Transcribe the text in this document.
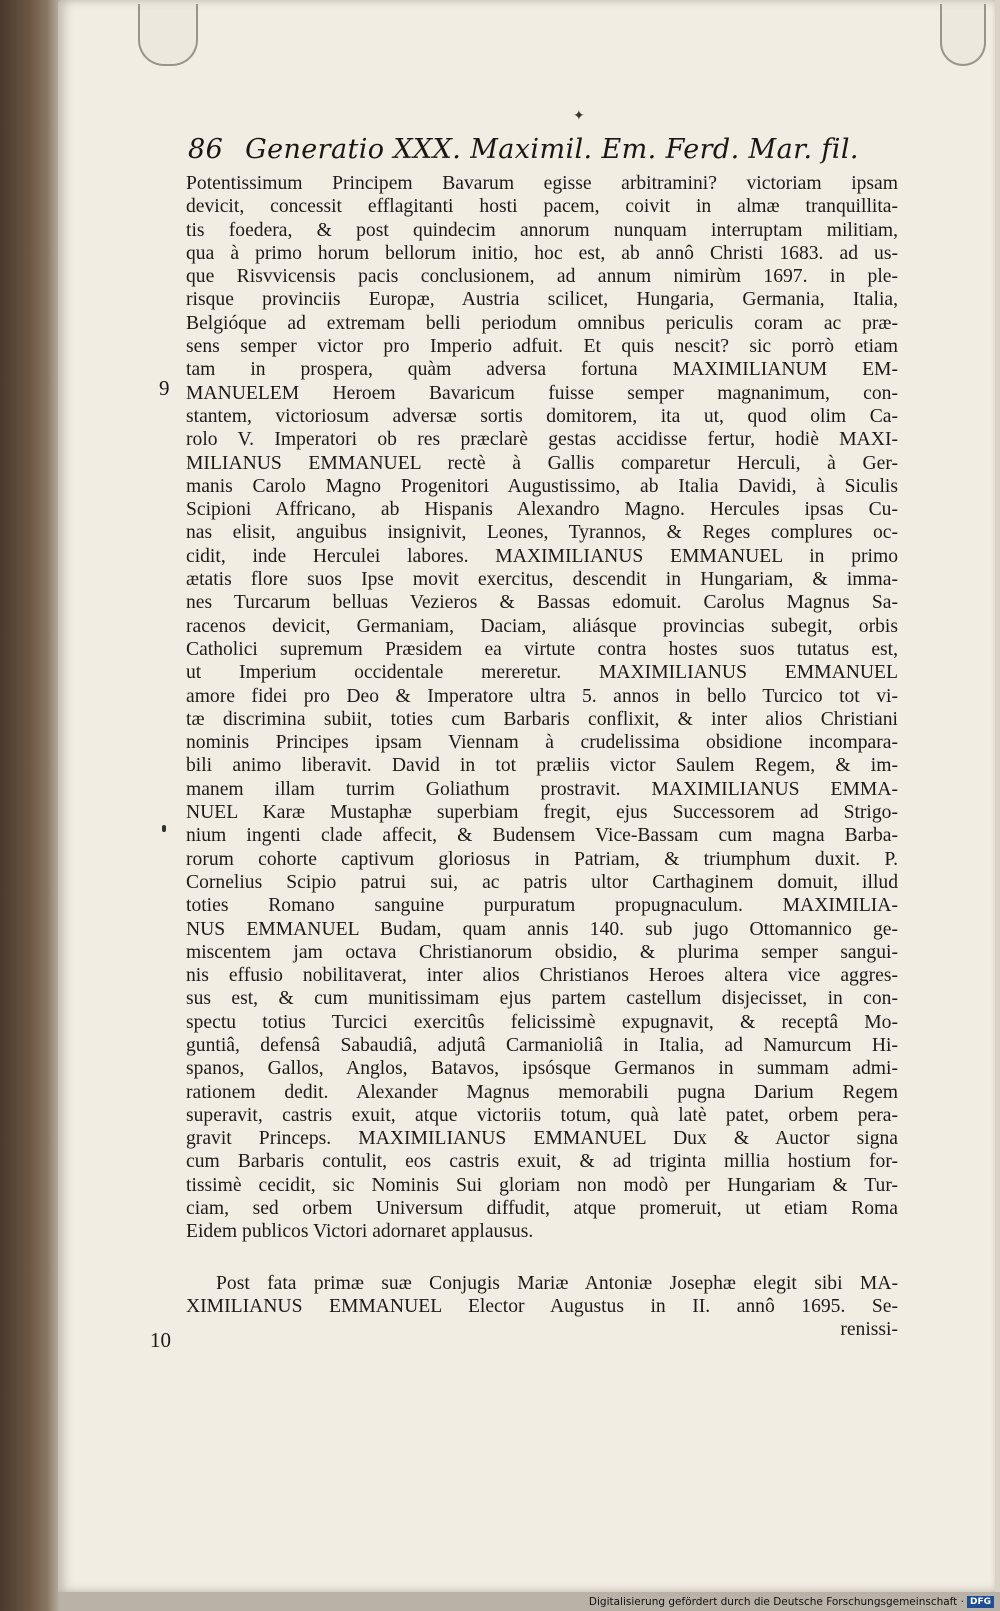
✦
86 Generatio XXX. Maximil. Em. Ferd. Mar. fil.
9
10
Potentissimum Principem Bavarum egisse arbitramini? victoriam ipsam
devicit, concessit efflagitanti hosti pacem, coivit in almæ tranquillita-
tis foedera, & post quindecim annorum nunquam interruptam militiam,
qua à primo horum bellorum initio, hoc est, ab annô Christi 1683. ad us-
que Risvvicensis pacis conclusionem, ad annum nimirùm 1697. in ple-
risque provinciis Europæ, Austria scilicet, Hungaria, Germania, Italia,
Belgióque ad extremam belli periodum omnibus periculis coram ac præ-
sens semper victor pro Imperio adfuit. Et quis nescit? sic porrò etiam
tam in prospera, quàm adversa fortuna MAXIMILIANUM EM-
MANUELEM Heroem Bavaricum fuisse semper magnanimum, con-
stantem, victoriosum adversæ sortis domitorem, ita ut, quod olim Ca-
rolo V. Imperatori ob res præclarè gestas accidisse fertur, hodiè MAXI-
MILIANUS EMMANUEL rectè à Gallis comparetur Herculi, à Ger-
manis Carolo Magno Progenitori Augustissimo, ab Italia Davidi, à Siculis
Scipioni Affricano, ab Hispanis Alexandro Magno. Hercules ipsas Cu-
nas elisit, anguibus insignivit, Leones, Tyrannos, & Reges complures oc-
cidit, inde Herculei labores. MAXIMILIANUS EMMANUEL in primo
ætatis flore suos Ipse movit exercitus, descendit in Hungariam, & imma-
nes Turcarum belluas Vezieros & Bassas edomuit. Carolus Magnus Sa-
racenos devicit, Germaniam, Daciam, aliásque provincias subegit, orbis
Catholici supremum Præsidem ea virtute contra hostes suos tutatus est,
ut Imperium occidentale mereretur. MAXIMILIANUS EMMANUEL
amore fidei pro Deo & Imperatore ultra 5. annos in bello Turcico tot vi-
tæ discrimina subiit, toties cum Barbaris conflixit, & inter alios Christiani
nominis Principes ipsam Viennam à crudelissima obsidione incompara-
bili animo liberavit. David in tot præliis victor Saulem Regem, & im-
manem illam turrim Goliathum prostravit. MAXIMILIANUS EMMA-
NUEL Karæ Mustaphæ superbiam fregit, ejus Successorem ad Strigo-
nium ingenti clade affecit, & Budensem Vice-Bassam cum magna Barba-
rorum cohorte captivum gloriosus in Patriam, & triumphum duxit. P.
Cornelius Scipio patrui sui, ac patris ultor Carthaginem domuit, illud
toties Romano sanguine purpuratum propugnaculum. MAXIMILIA-
NUS EMMANUEL Budam, quam annis 140. sub jugo Ottomannico ge-
miscentem jam octava Christianorum obsidio, & plurima semper sangui-
nis effusio nobilitaverat, inter alios Christianos Heroes altera vice aggres-
sus est, & cum munitissimam ejus partem castellum disjecisset, in con-
spectu totius Turcici exercitûs felicissimè expugnavit, & receptâ Mo-
guntiâ, defensâ Sabaudiâ, adjutâ Carmanioliâ in Italia, ad Namurcum Hi-
spanos, Gallos, Anglos, Batavos, ipsósque Germanos in summam admi-
rationem dedit. Alexander Magnus memorabili pugna Darium Regem
superavit, castris exuit, atque victoriis totum, quà latè patet, orbem pera-
gravit Princeps. MAXIMILIANUS EMMANUEL Dux & Auctor signa
cum Barbaris contulit, eos castris exuit, & ad triginta millia hostium for-
tissimè cecidit, sic Nominis Sui gloriam non modò per Hungariam & Tur-
ciam, sed orbem Universum diffudit, atque promeruit, ut etiam Roma
Eidem publicos Victori adornaret applausus.
Post fata primæ suæ Conjugis Mariæ Antoniæ Josephæ elegit sibi MA-
XIMILIANUS EMMANUEL Elector Augustus in II. annô 1695. Se-
renissi-
Digitalisierung gefördert durch die Deutsche Forschungsgemeinschaft · DFG
